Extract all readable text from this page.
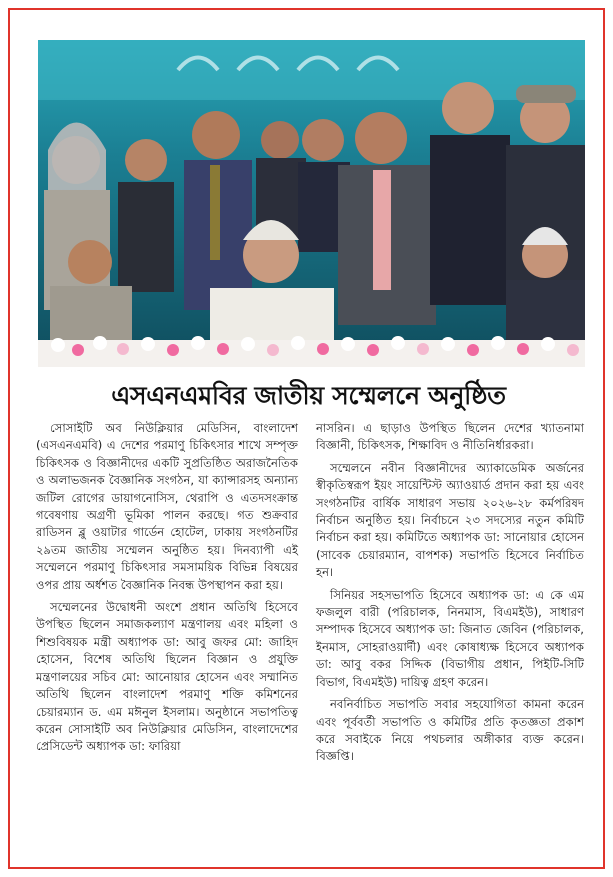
এসএনএমবির জাতীয় সম্মেলনে অনুষ্ঠিত

সোসাইটি অব নিউক্লিয়ার মেডিসিন, বাংলাদেশ (এসএনএমবি) এ দেশের পরমাণু চিকিৎসার শাখে সম্পৃক্ত চিকিৎসক ও বিজ্ঞানীদের একটি সুপ্রতিষ্ঠিত অরাজনৈতিক ও অলাভজনক বৈজ্ঞানিক সংগঠন, যা ক্যান্সারসহ অন্যান্য জটিল রোগের ডায়াগনোসিস, থেরাপি ও এতদসংক্রান্ত গবেষণায় অগ্রণী ভূমিকা পালন করছে। গত শুক্রবার রাডিসন ব্লু ওয়াটার গার্ডেন হোটেল, ঢাকায় সংগঠনটির ২৯তম জাতীয় সম্মেলন অনুষ্ঠিত হয়। দিনব্যাপী এই সম্মেলনে পরমাণু চিকিৎসার সমসাময়িক বিভিন্ন বিষয়ের ওপর প্রায় অর্ধশত বৈজ্ঞানিক নিবন্ধ উপস্থাপন করা হয়।

সম্মেলনের উদ্বোধনী অংশে প্রধান অতিথি হিসেবে উপস্থিত ছিলেন সমাজকল্যাণ মন্ত্রণালয় এবং মহিলা ও শিশুবিষয়ক মন্ত্রী অধ্যাপক ডা: আবু জফর মো: জাহিদ হোসেন, বিশেষ অতিথি ছিলেন বিজ্ঞান ও প্রযুক্তি মন্ত্রণালয়ের সচিব মো: আনোয়ার হোসেন এবং সম্মানিত অতিথি ছিলেন বাংলাদেশ পরমাণু শক্তি কমিশনের চেয়ারম্যান ড. এম মঈনুল ইসলাম। অনুষ্ঠানে সভাপতিত্ব করেন সোসাইটি অব নিউক্লিয়ার মেডিসিন, বাংলাদেশের প্রেসিডেন্ট অধ্যাপক ডা: ফারিয়া

নাসরিন। এ ছাড়াও উপস্থিত ছিলেন দেশের খ্যাতনামা বিজ্ঞানী, চিকিৎসক, শিক্ষাবিদ ও নীতিনির্ধারকরা।

সম্মেলনে নবীন বিজ্ঞানীদের অ্যাকাডেমিক অর্জনের স্বীকৃতিস্বরূপ ইয়ং সায়েন্টিস্ট অ্যাওয়ার্ড প্রদান করা হয় এবং সংগঠনটির বার্ষিক সাধারণ সভায় ২০২৬-২৮ কর্মপরিষদ নির্বাচন অনুষ্ঠিত হয়। নির্বাচনে ২৩ সদস্যের নতুন কমিটি নির্বাচন করা হয়। কমিটিতে অধ্যাপক ডা: সানোয়ার হোসেন (সাবেক চেয়ারম্যান, বাপশক) সভাপতি হিসেবে নির্বাচিত হন।

সিনিয়র সহসভাপতি হিসেবে অধ্যাপক ডা: এ কে এম ফজলুল বারী (পরিচালক, নিনমাস, বিএমইউ), সাধারণ সম্পাদক হিসেবে অধ্যাপক ডা: জিনাত জেবিন (পরিচালক, ইনমাস, সোহরাওয়ার্দী) এবং কোষাধ্যক্ষ হিসেবে অধ্যাপক ডা: আবু বকর সিদ্দিক (বিভাগীয় প্রধান, পিইটি-সিটি বিভাগ, বিএমইউ) দায়িত্ব গ্রহণ করেন।

নবনির্বাচিত সভাপতি সবার সহযোগিতা কামনা করেন এবং পূর্ববর্তী সভাপতি ও কমিটির প্রতি কৃতজ্ঞতা প্রকাশ করে সবাইকে নিয়ে পথচলার অঙ্গীকার ব্যক্ত করেন। বিজ্ঞপ্তি।
